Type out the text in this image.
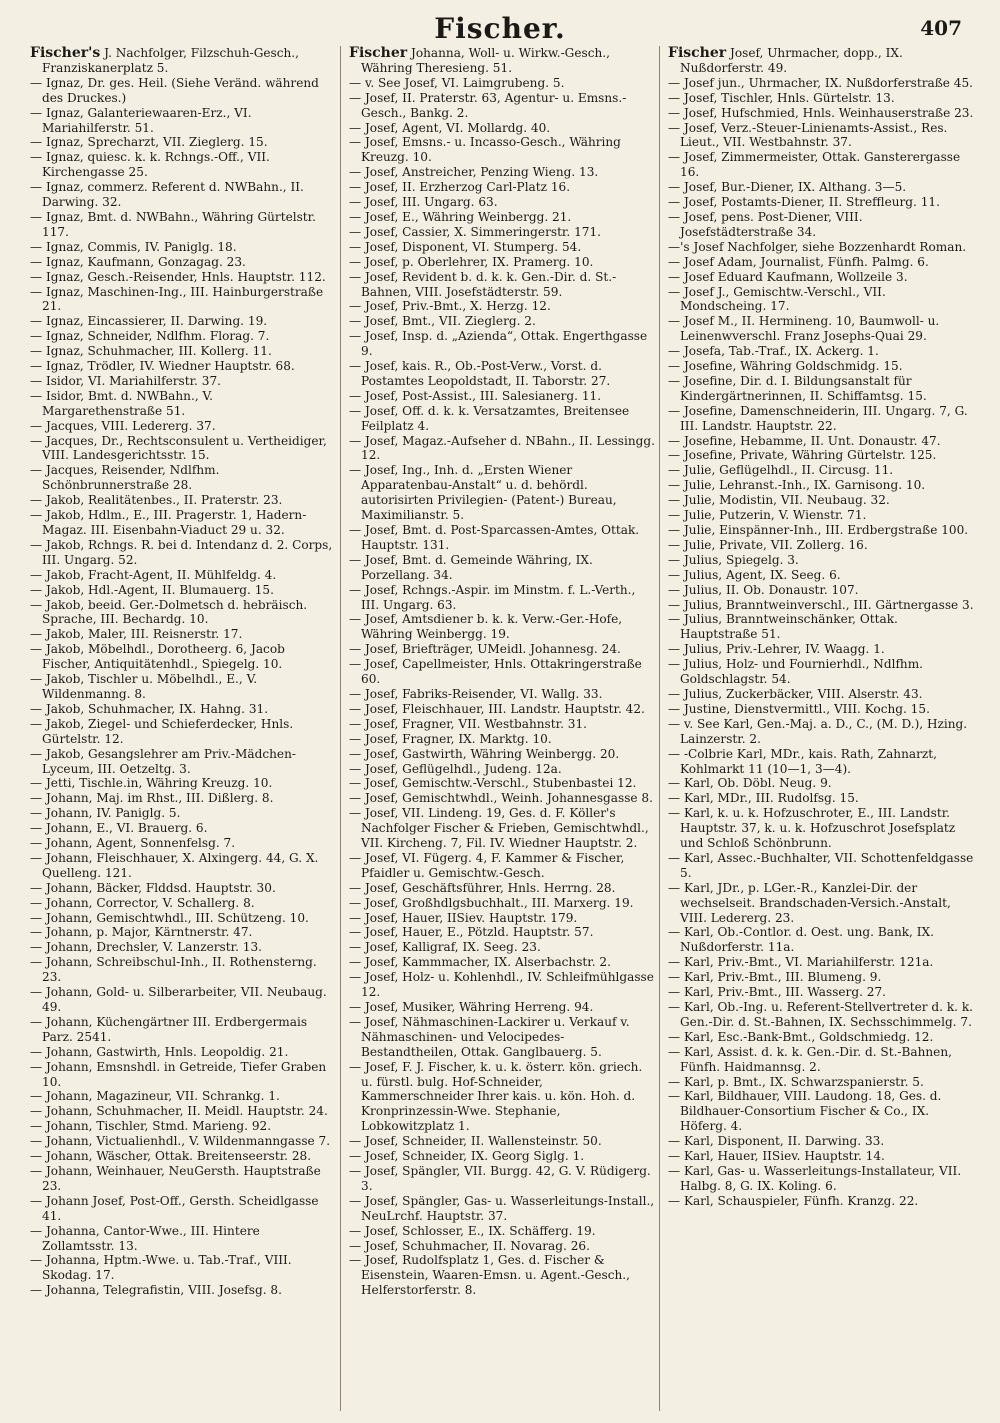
Fischer.	407

Fischer's J. Nachfolger, Filzschuh-Gesch., Franziskanerplatz 5.

— Ignaz, Dr. ges. Heil. (Siehe Veränd. während des Druckes.)

— Ignaz, Galanteriewaaren-Erz., VI. Mariahilferstr. 51.

— Ignaz, Sprecharzt, VII. Zieglerg. 15.

— Ignaz, quiesc. k. k. Rchngs.-Off., VII. Kirchengasse 25.

— Ignaz, commerz. Referent d. NWBahn., II. Darwing. 32.

— Ignaz, Bmt. d. NWBahn., Währing Gürtelstr. 117.

— Ignaz, Commis, IV. Paniglg. 18.

— Ignaz, Kaufmann, Gonzagag. 23.

— Ignaz, Gesch.-Reisender, Hnls. Hauptstr. 112.

— Ignaz, Maschinen-Ing., III. Hainburgerstraße 21.

— Ignaz, Eincassierer, II. Darwing. 19.

— Ignaz, Schneider, Ndlfhm. Florag. 7.

— Ignaz, Schuhmacher, III. Kollerg. 11.

— Ignaz, Trödler, IV. Wiedner Hauptstr. 68.

— Isidor, VI. Mariahilferstr. 37.

— Isidor, Bmt. d. NWBahn., V. Margarethenstraße 51.

— Jacques, VIII. Ledererg. 37.

— Jacques, Dr., Rechtsconsulent u. Vertheidiger, VIII. Landesgerichtsstr. 15.

— Jacques, Reisender, Ndlfhm. Schönbrunnerstraße 28.

— Jakob, Realitätenbes., II. Praterstr. 23.

— Jakob, Hdlm., E., III. Pragerstr. 1, Hadern-Magaz. III. Eisenbahn-Viaduct 29 u. 32.

— Jakob, Rchngs. R. bei d. Intendanz d. 2. Corps, III. Ungarg. 52.

— Jakob, Fracht-Agent, II. Mühlfeldg. 4.

— Jakob, Hdl.-Agent, II. Blumauerg. 15.

— Jakob, beeid. Ger.-Dolmetsch d. hebräisch. Sprache, III. Bechardg. 10.

— Jakob, Maler, III. Reisnerstr. 17.

— Jakob, Möbelhdl., Dorotheerg. 6, Jacob Fischer, Antiquitätenhdl., Spiegelg. 10.

— Jakob, Tischler u. Möbelhdl., E., V. Wildenmanng. 8.

— Jakob, Schuhmacher, IX. Hahng. 31.

— Jakob, Ziegel- und Schieferdecker, Hnls. Gürtelstr. 12.

— Jakob, Gesangslehrer am Priv.-Mädchen-Lyceum, III. Oetzeltg. 3.

— Jetti, Tischle.in, Währing Kreuzg. 10.

— Johann, Maj. im Rhst., III. Dißlerg. 8.

— Johann, IV. Paniglg. 5.

— Johann, E., VI. Brauerg. 6.

— Johann, Agent, Sonnenfelsg. 7.

— Johann, Fleischhauer, X. Alxingerg. 44, G. X. Quelleng. 121.

— Johann, Bäcker, Flddsd. Hauptstr. 30.

— Johann, Corrector, V. Schallerg. 8.

— Johann, Gemischtwhdl., III. Schützeng. 10.

— Johann, p. Major, Kärntnerstr. 47.

— Johann, Drechsler, V. Lanzerstr. 13.

— Johann, Schreibschul-Inh., II. Rothensterng. 23.

— Johann, Gold- u. Silberarbeiter, VII. Neubaug. 49.

— Johann, Küchengärtner III. Erdbergermais Parz. 2541.

— Johann, Gastwirth, Hnls. Leopoldig. 21.

— Johann, Emsnshdl. in Getreide, Tiefer Graben 10.

— Johann, Magazineur, VII. Schrankg. 1.

— Johann, Schuhmacher, II. Meidl. Hauptstr. 24.

— Johann, Tischler, Stmd. Marieng. 92.

— Johann, Victualienhdl., V. Wildenmanngasse 7.

— Johann, Wäscher, Ottak. Breitenseerstr. 28.

— Johann, Weinhauer, NeuGersth. Hauptstraße 23.

— Johann Josef, Post-Off., Gersth. Scheidlgasse 41.

— Johanna, Cantor-Wwe., III. Hintere Zollamtsstr. 13.

— Johanna, Hptm.-Wwe. u. Tab.-Traf., VIII. Skodag. 17.

— Johanna, Telegrafistin, VIII. Josefsg. 8.

Fischer Johanna, Woll- u. Wirkw.-Gesch., Währing Theresieng. 51.

— v. See Josef, VI. Laimgrubeng. 5.

— Josef, II. Praterstr. 63, Agentur- u. Emsns.-Gesch., Bankg. 2.

— Josef, Agent, VI. Mollardg. 40.

— Josef, Emsns.- u. Incasso-Gesch., Währing Kreuzg. 10.

— Josef, Anstreicher, Penzing Wieng. 13.

— Josef, II. Erzherzog Carl-Platz 16.

— Josef, III. Ungarg. 63.

— Josef, E., Währing Weinbergg. 21.

— Josef, Cassier, X. Simmeringerstr. 171.

— Josef, Disponent, VI. Stumperg. 54.

— Josef, p. Oberlehrer, IX. Pramerg. 10.

— Josef, Revident b. d. k. k. Gen.-Dir. d. St.-Bahnen, VIII. Josefstädterstr. 59.

— Josef, Priv.-Bmt., X. Herzg. 12.

— Josef, Bmt., VII. Zieglerg. 2.

— Josef, Insp. d. „Azienda“, Ottak. Engerthgasse 9.

— Josef, kais. R., Ob.-Post-Verw., Vorst. d. Postamtes Leopoldstadt, II. Taborstr. 27.

— Josef, Post-Assist., III. Salesianerg. 11.

— Josef, Off. d. k. k. Versatzamtes, Breitensee Feilplatz 4.

— Josef, Magaz.-Aufseher d. NBahn., II. Lessingg. 12.

— Josef, Ing., Inh. d. „Ersten Wiener Apparatenbau-Anstalt“ u. d. behördl. autorisirten Privilegien- (Patent-) Bureau, Maximilianstr. 5.

— Josef, Bmt. d. Post-Sparcassen-Amtes, Ottak. Hauptstr. 131.

— Josef, Bmt. d. Gemeinde Währing, IX. Porzellang. 34.

— Josef, Rchngs.-Aspir. im Minstm. f. L.-Verth., III. Ungarg. 63.

— Josef, Amtsdiener b. k. k. Verw.-Ger.-Hofe, Währing Weinbergg. 19.

— Josef, Briefträger, UMeidl. Johannesg. 24.

— Josef, Capellmeister, Hnls. Ottakringerstraße 60.

— Josef, Fabriks-Reisender, VI. Wallg. 33.

— Josef, Fleischhauer, III. Landstr. Hauptstr. 42.

— Josef, Fragner, VII. Westbahnstr. 31.

— Josef, Fragner, IX. Marktg. 10.

— Josef, Gastwirth, Währing Weinbergg. 20.

— Josef, Geflügelhdl., Judeng. 12a.

— Josef, Gemischtw.-Verschl., Stubenbastei 12.

— Josef, Gemischtwhdl., Weinh. Johannesgasse 8.

— Josef, VII. Lindeng. 19, Ges. d. F. Köller's Nachfolger Fischer & Frieben, Gemischtwhdl., VII. Kircheng. 7, Fil. IV. Wiedner Hauptstr. 2.

— Josef, VI. Fügerg. 4, F. Kammer & Fischer, Pfaidler u. Gemischtw.-Gesch.

— Josef, Geschäftsführer, Hnls. Herrng. 28.

— Josef, Großhdlgsbuchhalt., III. Marxerg. 19.

— Josef, Hauer, IISiev. Hauptstr. 179.

— Josef, Hauer, E., Pötzld. Hauptstr. 57.

— Josef, Kalligraf, IX. Seeg. 23.

— Josef, Kammmacher, IX. Alserbachstr. 2.

— Josef, Holz- u. Kohlenhdl., IV. Schleifmühlgasse 12.

— Josef, Musiker, Währing Herreng. 94.

— Josef, Nähmaschinen-Lackirer u. Verkauf v. Nähmaschinen- und Velocipedes-Bestandtheilen, Ottak. Ganglbauerg. 5.

— Josef, F. J. Fischer, k. u. k. österr. kön. griech. u. fürstl. bulg. Hof-Schneider, Kammerschneider Ihrer kais. u. kön. Hoh. d. Kronprinzessin-Wwe. Stephanie, Lobkowitzplatz 1.

— Josef, Schneider, II. Wallensteinstr. 50.

— Josef, Schneider, IX. Georg Siglg. 1.

— Josef, Spängler, VII. Burgg. 42, G. V. Rüdigerg. 3.

— Josef, Spängler, Gas- u. Wasserleitungs-Install., NeuLrchf. Hauptstr. 37.

— Josef, Schlosser, E., IX. Schäfferg. 19.

— Josef, Schuhmacher, II. Novarag. 26.

— Josef, Rudolfsplatz 1, Ges. d. Fischer & Eisenstein, Waaren-Emsn. u. Agent.-Gesch., Helferstorferstr. 8.

Fischer Josef, Uhrmacher, dopp., IX. Nußdorferstr. 49.

— Josef jun., Uhrmacher, IX. Nußdorferstraße 45.

— Josef, Tischler, Hnls. Gürtelstr. 13.

— Josef, Hufschmied, Hnls. Weinhauserstraße 23.

— Josef, Verz.-Steuer-Linienamts-Assist., Res. Lieut., VII. Westbahnstr. 37.

— Josef, Zimmermeister, Ottak. Gansterergasse 16.

— Josef, Bur.-Diener, IX. Althang. 3—5.

— Josef, Postamts-Diener, II. Streffleurg. 11.

— Josef, pens. Post-Diener, VIII. Josefstädterstraße 34.

—'s Josef Nachfolger, siehe Bozzenhardt Roman.

— Josef Adam, Journalist, Fünfh. Palmg. 6.

— Josef Eduard Kaufmann, Wollzeile 3.

— Josef J., Gemischtw.-Verschl., VII. Mondscheing. 17.

— Josef M., II. Hermineng. 10, Baumwoll- u. Leinenwverschl. Franz Josephs-Quai 29.

— Josefa, Tab.-Traf., IX. Ackerg. 1.

— Josefine, Währing Goldschmidg. 15.

— Josefine, Dir. d. I. Bildungsanstalt für Kindergärtnerinnen, II. Schiffamtsg. 15.

— Josefine, Damenschneiderin, III. Ungarg. 7, G. III. Landstr. Hauptstr. 22.

— Josefine, Hebamme, II. Unt. Donaustr. 47.

— Josefine, Private, Währing Gürtelstr. 125.

— Julie, Geflügelhdl., II. Circusg. 11.

— Julie, Lehranst.-Inh., IX. Garnisong. 10.

— Julie, Modistin, VII. Neubaug. 32.

— Julie, Putzerin, V. Wienstr. 71.

— Julie, Einspänner-Inh., III. Erdbergstraße 100.

— Julie, Private, VII. Zollerg. 16.

— Julius, Spiegelg. 3.

— Julius, Agent, IX. Seeg. 6.

— Julius, II. Ob. Donaustr. 107.

— Julius, Branntweinverschl., III. Gärtnergasse 3.

— Julius, Branntweinschänker, Ottak. Hauptstraße 51.

— Julius, Priv.-Lehrer, IV. Waagg. 1.

— Julius, Holz- und Fournierhdl., Ndlfhm. Goldschlagstr. 54.

— Julius, Zuckerbäcker, VIII. Alserstr. 43.

— Justine, Dienstvermittl., VIII. Kochg. 15.

— v. See Karl, Gen.-Maj. a. D., C., (M. D.), Hzing. Lainzerstr. 2.

— -Colbrie Karl, MDr., kais. Rath, Zahnarzt, Kohlmarkt 11 (10—1, 3—4).

— Karl, Ob. Döbl. Neug. 9.

— Karl, MDr., III. Rudolfsg. 15.

— Karl, k. u. k. Hofzuschroter, E., III. Landstr. Hauptstr. 37, k. u. k. Hofzuschrot Josefsplatz und Schloß Schönbrunn.

— Karl, Assec.-Buchhalter, VII. Schottenfeldgasse 5.

— Karl, JDr., p. LGer.-R., Kanzlei-Dir. der wechselseit. Brandschaden-Versich.-Anstalt, VIII. Ledererg. 23.

— Karl, Ob.-Contlor. d. Oest. ung. Bank, IX. Nußdorferstr. 11a.

— Karl, Priv.-Bmt., VI. Mariahilferstr. 121a.

— Karl, Priv.-Bmt., III. Blumeng. 9.

— Karl, Priv.-Bmt., III. Wasserg. 27.

— Karl, Ob.-Ing. u. Referent-Stellvertreter d. k. k. Gen.-Dir. d. St.-Bahnen, IX. Sechsschimmelg. 7.

— Karl, Esc.-Bank-Bmt., Goldschmiedg. 12.

— Karl, Assist. d. k. k. Gen.-Dir. d. St.-Bahnen, Fünfh. Haidmannsg. 2.

— Karl, p. Bmt., IX. Schwarzspanierstr. 5.

— Karl, Bildhauer, VIII. Laudong. 18, Ges. d. Bildhauer-Consortium Fischer & Co., IX. Höferg. 4.

— Karl, Disponent, II. Darwing. 33.

— Karl, Hauer, IISiev. Hauptstr. 14.

— Karl, Gas- u. Wasserleitungs-Installateur, VII. Halbg. 8, G. IX. Koling. 6.

— Karl, Schauspieler, Fünfh. Kranzg. 22.
